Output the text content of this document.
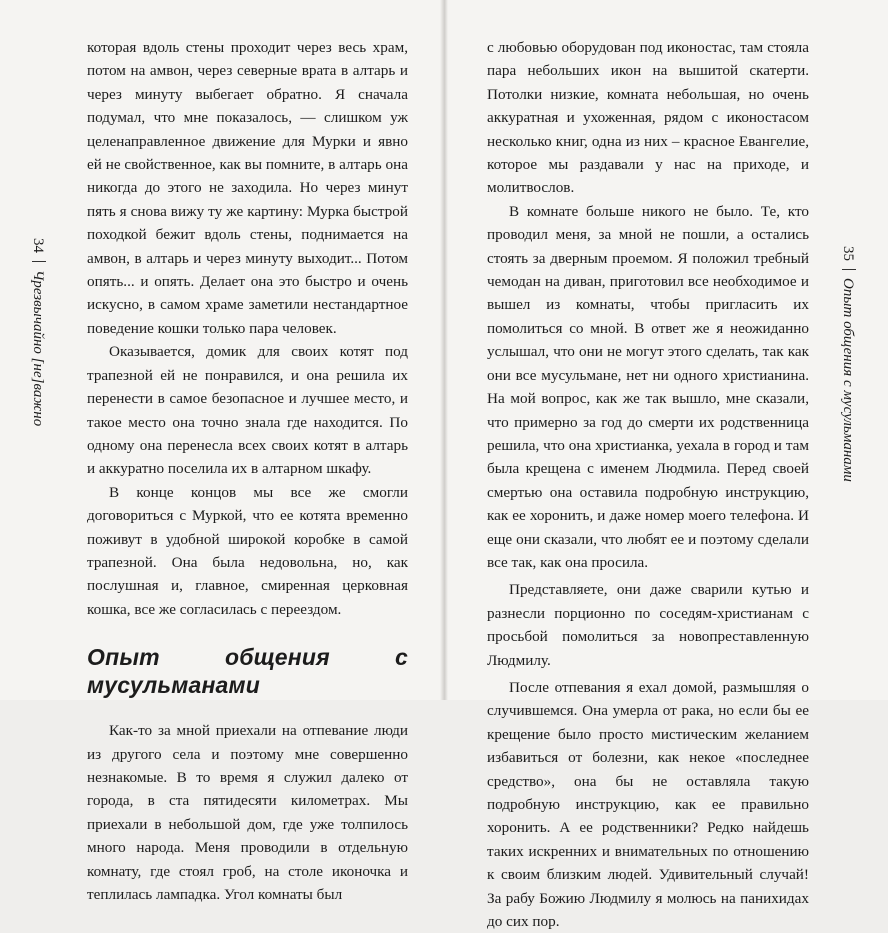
34Чрезвычайно [не]важно

которая вдоль стены проходит через весь храм, потом на амвон, через северные врата в алтарь и через минуту выбегает обратно. Я сначала подумал, что мне показалось, — слишком уж целенаправленное движение для Мурки и явно ей не свойственное, как вы помните, в алтарь она никогда до этого не заходила. Но через минут пять я снова вижу ту же картину: Мурка быстрой походкой бежит вдоль стены, поднимается на амвон, в алтарь и через минуту выходит... Потом опять... и опять. Делает она это быстро и очень искусно, в самом храме заметили нестандартное поведение кошки только пара человек.

Оказывается, домик для своих котят под трапезной ей не понравился, и она решила их перенести в самое безопасное и лучшее место, и такое место она точно знала где находится. По одному она перенесла всех своих котят в алтарь и аккуратно поселила их в алтарном шкафу.

В конце концов мы все же смогли договориться с Муркой, что ее котята временно поживут в удобной широкой коробке в самой трапезной. Она была недовольна, но, как послушная и, главное, смиренная церковная кошка, все же согласилась с переездом.

Опыт общения с мусульманами

Как-то за мной приехали на отпевание люди из другого села и поэтому мне совершенно незнакомые. В то время я служил далеко от города, в ста пятидесяти километрах. Мы приехали в небольшой дом, где уже толпилось много народа. Меня проводили в отдельную комнату, где стоял гроб, на столе иконочка и теплилась лампадка. Угол комнаты был

с любовью оборудован под иконостас, там стояла пара небольших икон на вышитой скатерти. Потолки низкие, комната небольшая, но очень аккуратная и ухоженная, рядом с иконостасом несколько книг, одна из них – красное Евангелие, которое мы раздавали у нас на приходе, и молитвослов.

В комнате больше никого не было. Те, кто проводил меня, за мной не пошли, а остались стоять за дверным проемом. Я положил требный чемодан на диван, приготовил все необходимое и вышел из комнаты, чтобы пригласить их помолиться со мной. В ответ же я неожиданно услышал, что они не могут этого сделать, так как они все мусульмане, нет ни одного христианина. На мой вопрос, как же так вышло, мне сказали, что примерно за год до смерти их родственница решила, что она христианка, уехала в город и там была крещена с именем Людмила. Перед своей смертью она оставила подробную инструкцию, как ее хоронить, и даже номер моего телефона. И еще они сказали, что любят ее и поэтому сделали все так, как она просила.

Представляете, они даже сварили кутью и разнесли порционно по соседям-христианам с просьбой помолиться за новопреставленную Людмилу.

После отпевания я ехал домой, размышляя о случившемся. Она умерла от рака, но если бы ее крещение было просто мистическим желанием избавиться от болезни, как некое «последнее средство», она бы не оставляла такую подробную инструкцию, как ее правильно хоронить. А ее родственники? Редко найдешь таких искренних и внимательных по отношению к своим близким людей. Удивительный случай! За рабу Божию Людмилу я молюсь на панихидах до сих пор.

35Опыт общения с мусульманами
